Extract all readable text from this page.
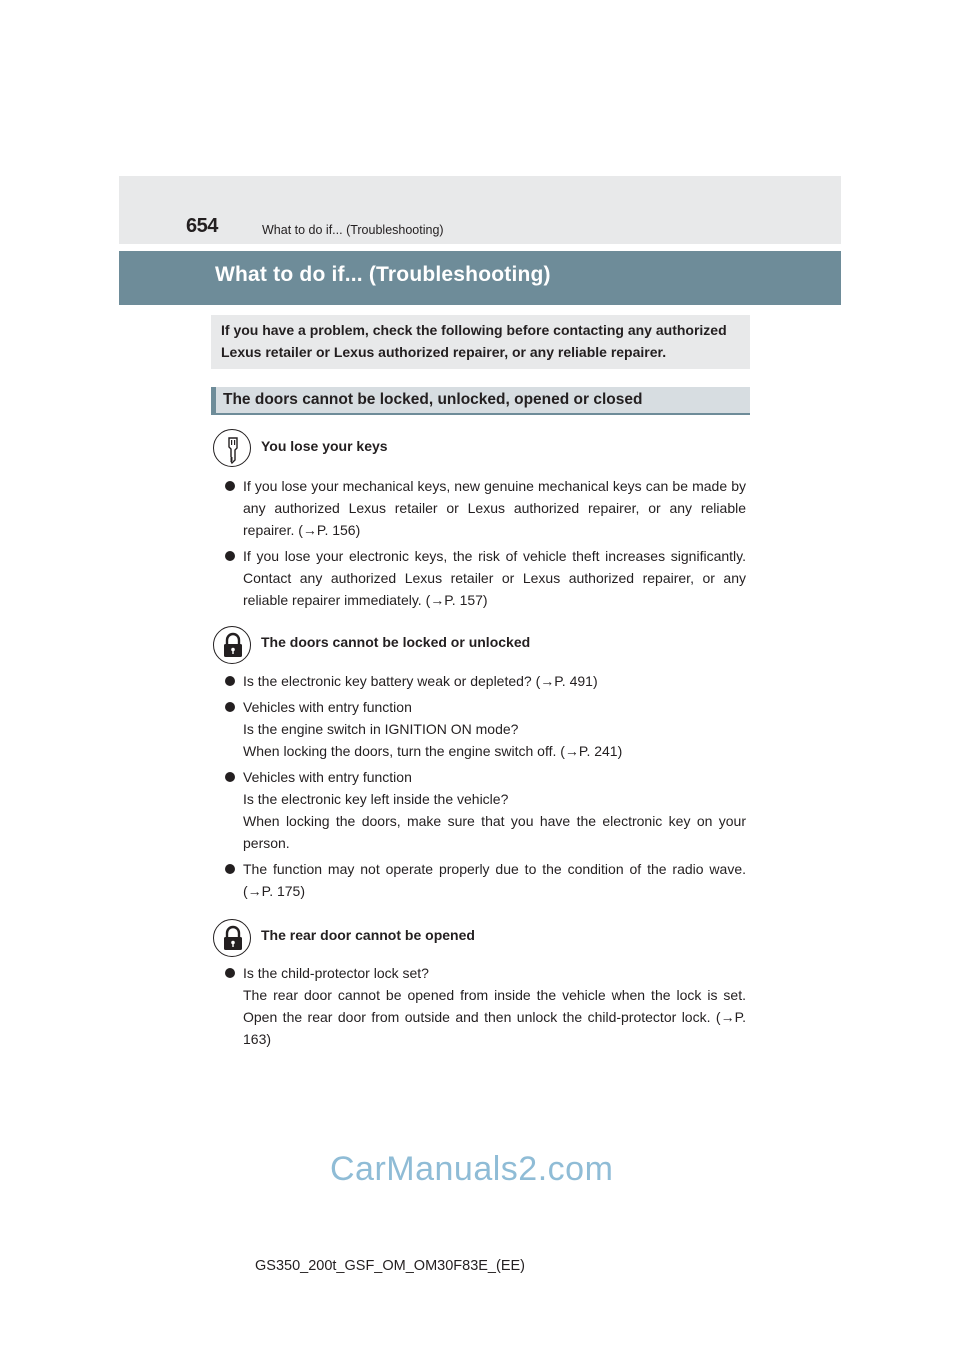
654	What to do if... (Troubleshooting)
What to do if... (Troubleshooting)
If you have a problem, check the following before contacting any authorized
Lexus retailer or Lexus authorized repairer, or any reliable repairer.
The doors cannot be locked, unlocked, opened or closed
You lose your keys
If you lose your mechanical keys, new genuine mechanical keys can be made by any authorized Lexus retailer or Lexus authorized repairer, or any reliable repairer. (→P. 156)
If you lose your electronic keys, the risk of vehicle theft increases significantly. Contact any authorized Lexus retailer or Lexus authorized repairer, or any reliable repairer immediately. (→P. 157)
The doors cannot be locked or unlocked
Is the electronic key battery weak or depleted? (→P. 491)
Vehicles with entry function
Is the engine switch in IGNITION ON mode?
When locking the doors, turn the engine switch off. (→P. 241)
Vehicles with entry function
Is the electronic key left inside the vehicle?
When locking the doors, make sure that you have the electronic key on your person.
The function may not operate properly due to the condition of the radio wave. (→P. 175)
The rear door cannot be opened
Is the child-protector lock set?
The rear door cannot be opened from inside the vehicle when the lock is set. Open the rear door from outside and then unlock the child-protector lock. (→P. 163)
CarManuals2.com
GS350_200t_GSF_OM_OM30F83E_(EE)
